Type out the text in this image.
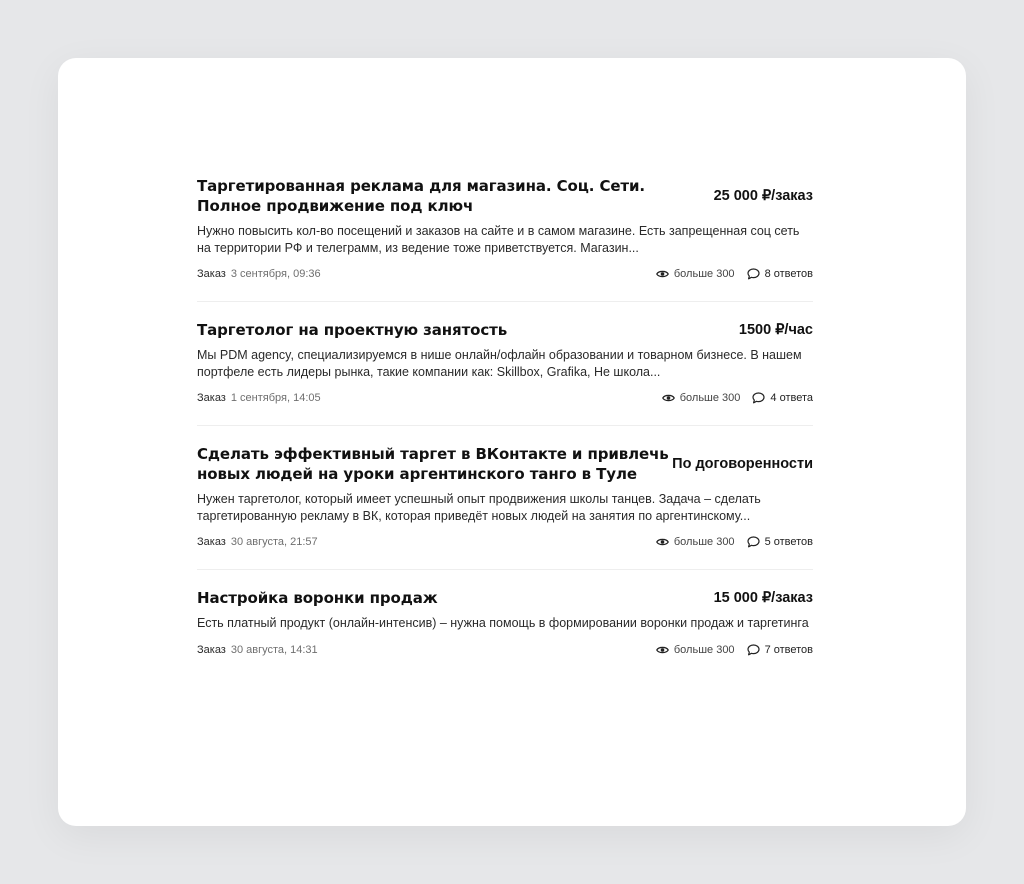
Таргетированная реклама для магазина. Соц. Сети. Полное продвижение под ключ
25 000 ₽/заказ
Нужно повысить кол-во посещений и заказов на сайте и в самом магазине. Есть запрещенная соц сеть на территории РФ и телеграмм, из ведение тоже приветствуется. Магазин...
Заказ 3 сентября, 09:36	больше 300	8 ответов
Таргетолог на проектную занятость	1500 ₽/час
Мы PDM agency, специализируемся в нише онлайн/офлайн образовании и товарном бизнесе. В нашем портфеле есть лидеры рынка, такие компании как: Skillbox, Grafika, Не школа...
Заказ 1 сентября, 14:05	больше 300	4 ответа
Сделать эффективный таргет в ВКонтакте и привлечь новых людей на уроки аргентинского танго в Туле
По договоренности
Нужен таргетолог, который имеет успешный опыт продвижения школы танцев. Задача – сделать таргетированную рекламу в ВК, которая приведёт новых людей на занятия по аргентинскому...
Заказ 30 августа, 21:57	больше 300	5 ответов
Настройка воронки продаж	15 000 ₽/заказ
Есть платный продукт (онлайн-интенсив) – нужна помощь в формировании воронки продаж и таргетинга
Заказ 30 августа, 14:31	больше 300	7 ответов
